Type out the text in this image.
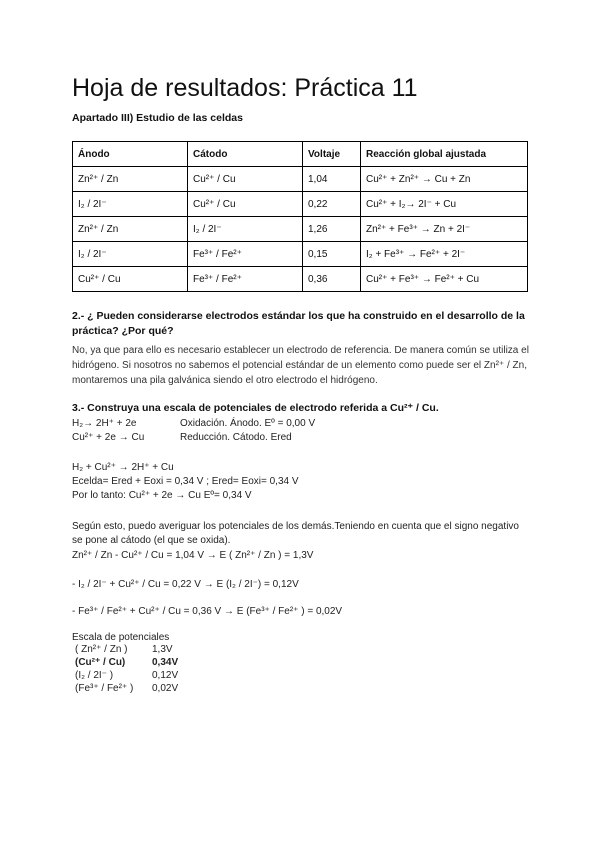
Hoja de resultados: Práctica 11
Apartado III) Estudio de las celdas
Ánodo	Cátodo	Voltaje	Reacción global ajustada
Zn²⁺ / Zn	Cu²⁺ / Cu	1,04	Cu²⁺ + Zn²⁺ → Cu + Zn
I₂ / 2I⁻	Cu²⁺ / Cu	0,22	Cu²⁺ + I₂→ 2I⁻ + Cu
Zn²⁺ / Zn	I₂ / 2I⁻	1,26	Zn²⁺ + Fe³⁺ → Zn + 2I⁻
I₂ / 2I⁻	Fe³⁺ / Fe²⁺	0,15	I₂ + Fe³⁺ → Fe²⁺ + 2I⁻
Cu²⁺ / Cu	Fe³⁺ / Fe²⁺	0,36	Cu²⁺ + Fe³⁺ → Fe²⁺ + Cu
2.- ¿ Pueden considerarse electrodos estándar los que ha construido en el desarrollo de la práctica? ¿Por qué?
No, ya que para ello es necesario establecer un electrodo de referencia. De manera común se utiliza el hidrógeno. Si nosotros no sabemos el potencial estándar de un elemento como puede ser el Zn²⁺ / Zn, montaremos una pila galvánica siendo el otro electrodo el hidrógeno.
3.- Construya una escala de potenciales de electrodo referida a Cu²⁺ / Cu.
H₂→ 2H⁺ + 2e	Oxidación. Ánodo. Eº = 0,00 V
Cu²⁺ + 2e → Cu	Reducción. Cátodo. Ered
H₂ + Cu²⁺ → 2H⁺ + Cu
Ecelda= Ered + Eoxi = 0,34 V ; Ered= Eoxi= 0,34 V
Por lo tanto: Cu²⁺ + 2e → Cu Eº= 0,34 V
Según esto, puedo averiguar los potenciales de los demás.Teniendo en cuenta que el signo negativo se pone al cátodo (el que se oxida).
Zn²⁺ / Zn - Cu²⁺ / Cu = 1,04 V → E ( Zn²⁺ / Zn ) = 1,3V
- I₂ / 2I⁻ + Cu²⁺ / Cu = 0,22 V → E (I₂ / 2I⁻) = 0,12V
- Fe³⁺ / Fe²⁺ + Cu²⁺ / Cu = 0,36 V → E (Fe³⁺ / Fe²⁺ ) = 0,02V
Escala de potenciales
( Zn²⁺ / Zn )	1,3V
(Cu²⁺ / Cu)	0,34V
(I₂ / 2I⁻ )	0,12V
(Fe³⁺ / Fe²⁺ )	0,02V
